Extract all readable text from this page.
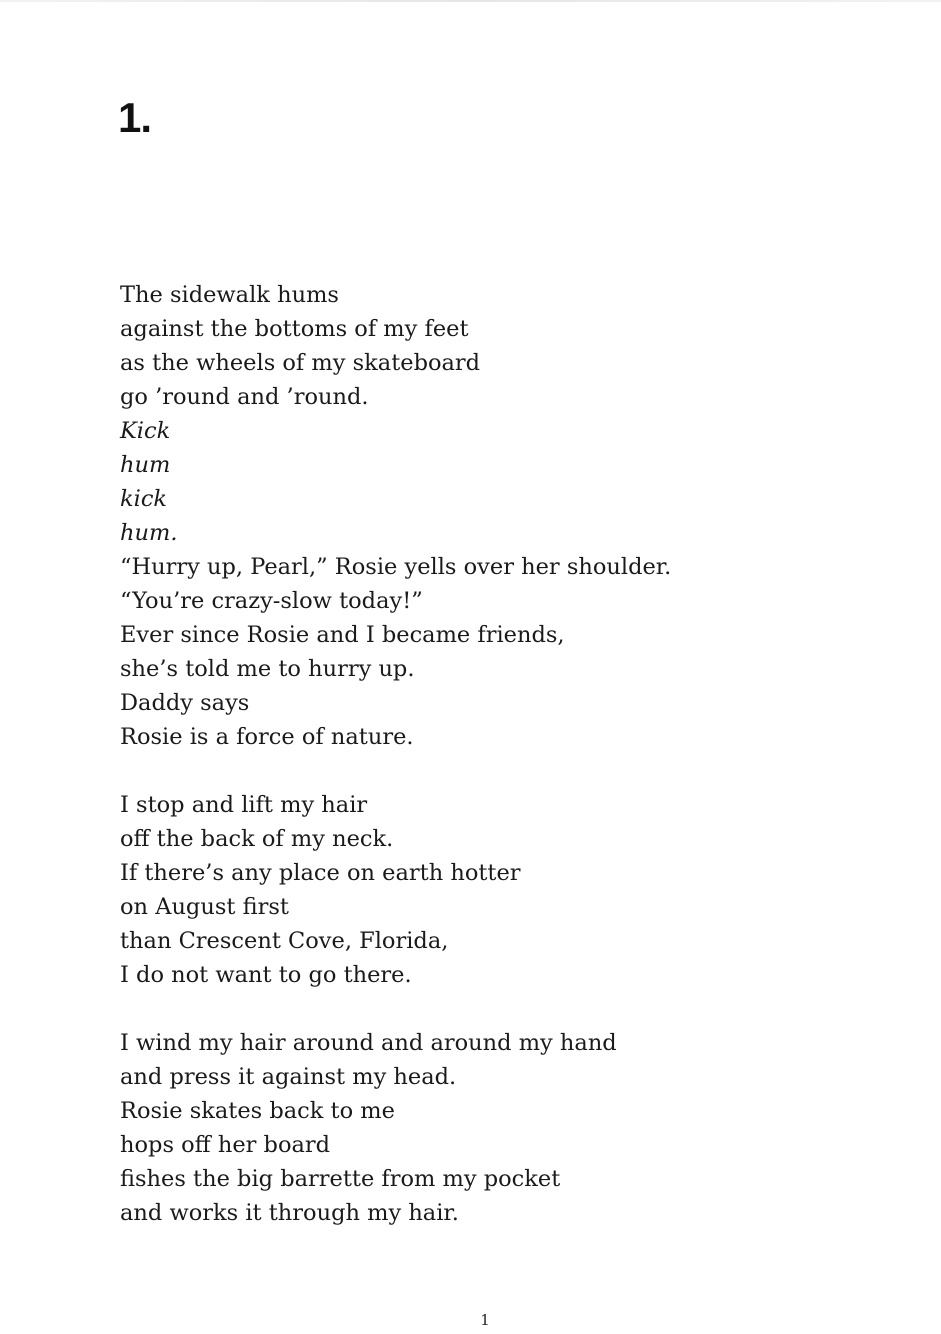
1.
The sidewalk hums
against the bottoms of my feet
as the wheels of my skateboard
go ’round and ’round.
Kick
hum
kick
hum.
“Hurry up, Pearl,” Rosie yells over her shoulder.
“You’re crazy-slow today!”
Ever since Rosie and I became friends,
she’s told me to hurry up.
Daddy says
Rosie is a force of nature.
I stop and lift my hair
off the back of my neck.
If there’s any place on earth hotter
on August first
than Crescent Cove, Florida,
I do not want to go there.
I wind my hair around and around my hand
and press it against my head.
Rosie skates back to me
hops off her board
fishes the big barrette from my pocket
and works it through my hair.
1
